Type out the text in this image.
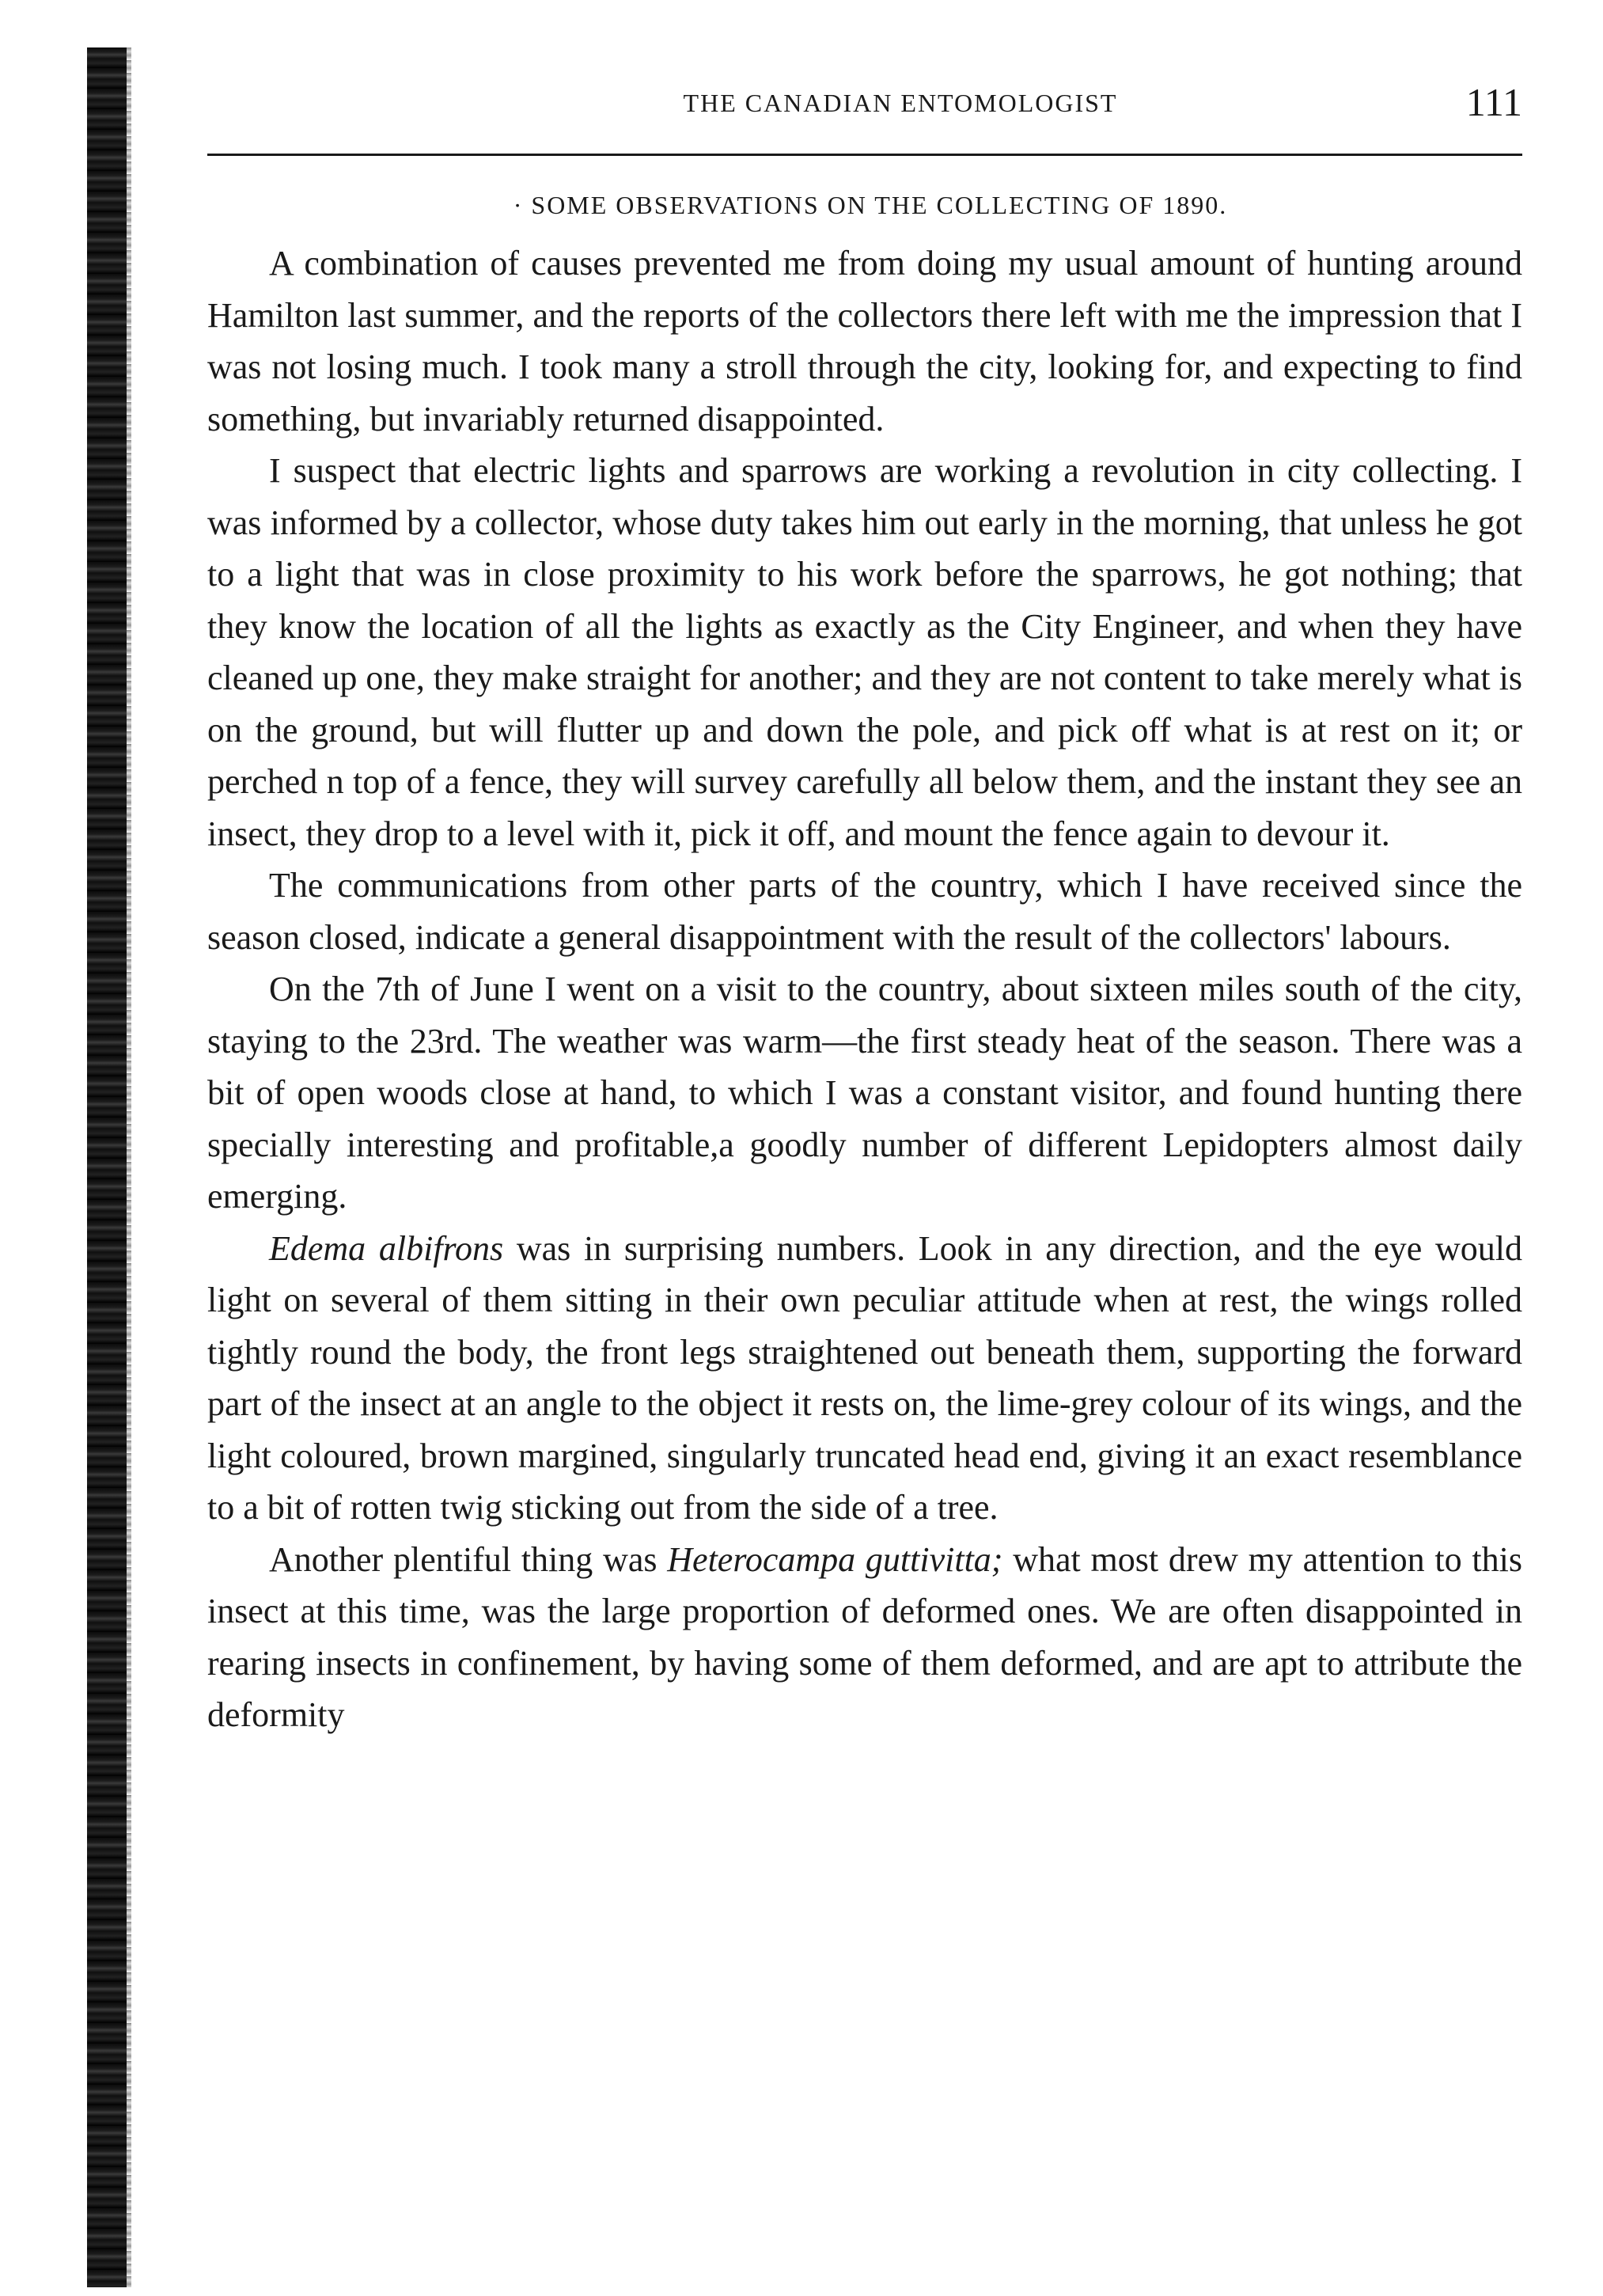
THE CANADIAN ENTOMOLOGIST	111
· SOME OBSERVATIONS ON THE COLLECTING OF 1890.

A combination of causes prevented me from doing my usual amount of hunting around Hamilton last summer, and the reports of the collectors there left with me the impression that I was not losing much. I took many a stroll through the city, looking for, and expecting to find something, but invariably returned disappointed.

I suspect that electric lights and sparrows are working a revolution in city collecting. I was informed by a collector, whose duty takes him out early in the morning, that unless he got to a light that was in close proximity to his work before the sparrows, he got nothing; that they know the location of all the lights as exactly as the City Engineer, and when they have cleaned up one, they make straight for another; and they are not content to take merely what is on the ground, but will flutter up and down the pole, and pick off what is at rest on it; or perched n top of a fence, they will survey carefully all below them, and the instant they see an insect, they drop to a level with it, pick it off, and mount the fence again to devour it.

The communications from other parts of the country, which I have received since the season closed, indicate a general disappointment with the result of the collectors' labours.

On the 7th of June I went on a visit to the country, about sixteen miles south of the city, staying to the 23rd. The weather was warm—the first steady heat of the season. There was a bit of open woods close at hand, to which I was a constant visitor, and found hunting there specially interesting and profitable,a goodly number of different Lepidopters almost daily emerging.

Edema albifrons was in surprising numbers. Look in any direction, and the eye would light on several of them sitting in their own peculiar attitude when at rest, the wings rolled tightly round the body, the front legs straightened out beneath them, supporting the forward part of the insect at an angle to the object it rests on, the lime-grey colour of its wings, and the light coloured, brown margined, singularly truncated head end, giving it an exact resemblance to a bit of rotten twig sticking out from the side of a tree.

Another plentiful thing was Heterocampa guttivitta; what most drew my attention to this insect at this time, was the large proportion of deformed ones. We are often disappointed in rearing insects in confinement, by having some of them deformed, and are apt to attribute the deformity
